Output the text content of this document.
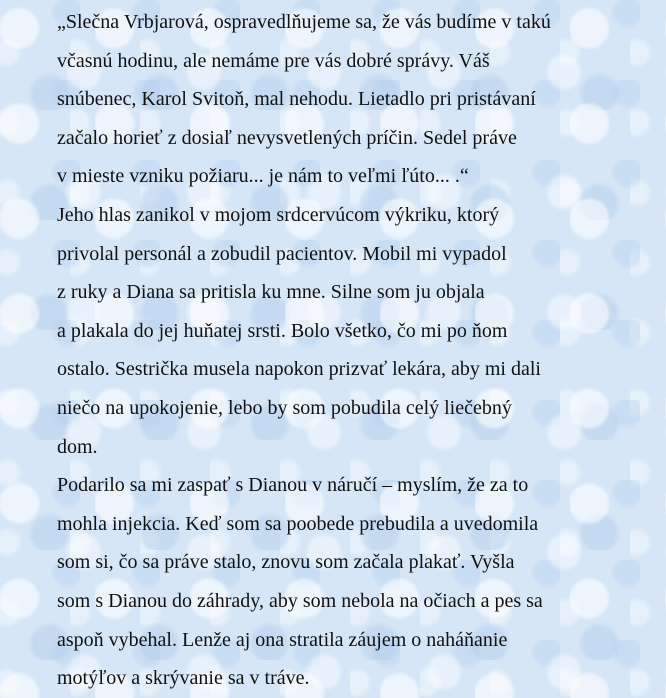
„Slečna Vrbjarová, ospravedlňujeme sa, že vás budíme v takú

včasnú hodinu, ale nemáme pre vás dobré správy. Váš

snúbenec, Karol Svitoň, mal nehodu. Lietadlo pri pristávaní

začalo horieť z dosiaľ nevysvetlených príčin. Sedel práve

v mieste vzniku požiaru... je nám to veľmi ľúto... .“

Jeho hlas zanikol v mojom srdcervúcom výkriku, ktorý

privolal personál a zobudil pacientov. Mobil mi vypadol

z ruky a Diana sa pritisla ku mne. Silne som ju objala

a plakala do jej huňatej srsti. Bolo všetko, čo mi po ňom

ostalo. Sestrička musela napokon prizvať lekára, aby mi dali

niečo na upokojenie, lebo by som pobudila celý liečebný

dom.

Podarilo sa mi zaspať s Dianou v náručí – myslím, že za to

mohla injekcia. Keď som sa poobede prebudila a uvedomila

som si, čo sa práve stalo, znovu som začala plakať. Vyšla

som s Dianou do záhrady, aby som nebola na očiach a pes sa

aspoň vybehal. Lenže aj ona stratila záujem o naháňanie

motýľov a skrývanie sa v tráve.
